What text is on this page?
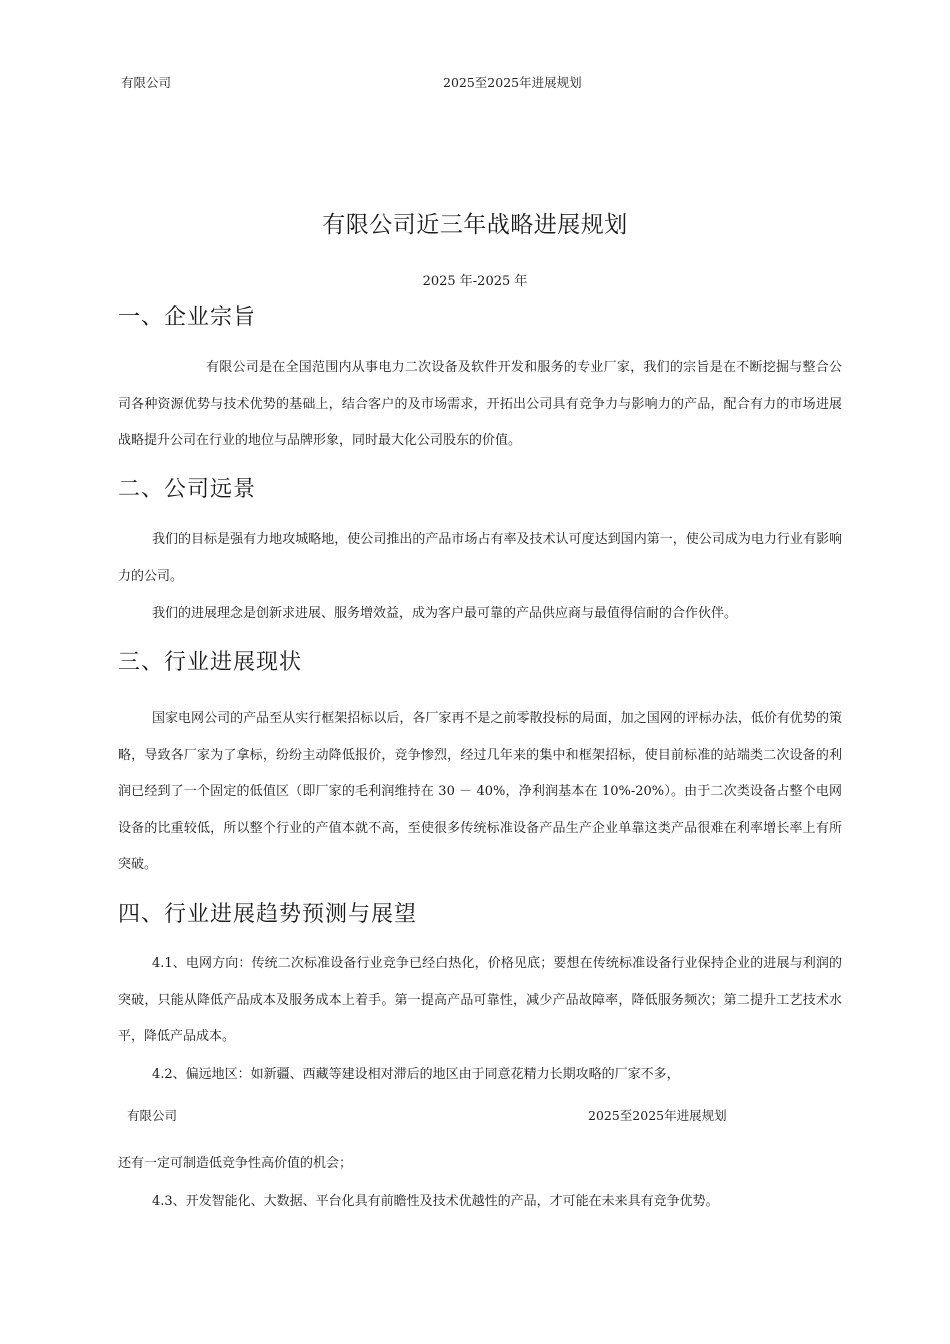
有限公司	2025至2025年进展规划
有限公司近三年战略进展规划
2025 年-2025 年
一、企业宗旨
有限公司是在全国范围内从事电力二次设备及软件开发和服务的专业厂家，我们的宗旨是在不断挖掘与整合公司各种资源优势与技术优势的基础上，结合客户的及市场需求，开拓出公司具有竞争力与影响力的产品，配合有力的市场进展战略提升公司在行业的地位与品牌形象，同时最大化公司股东的价值。
二、公司远景
我们的目标是强有力地攻城略地，使公司推出的产品市场占有率及技术认可度达到国内第一，使公司成为电力行业有影响力的公司。
我们的进展理念是创新求进展、服务增效益，成为客户最可靠的产品供应商与最值得信耐的合作伙伴。
三、行业进展现状
国家电网公司的产品至从实行框架招标以后，各厂家再不是之前零散投标的局面，加之国网的评标办法，低价有优势的策略，导致各厂家为了拿标，纷纷主动降低报价，竞争惨烈，经过几年来的集中和框架招标，使目前标准的站端类二次设备的利润已经到了一个固定的低值区（即厂家的毛利润维持在 30 － 40%，净利润基本在 10%-20%）。由于二次类设备占整个电网设备的比重较低，所以整个行业的产值本就不高，至使很多传统标准设备产品生产企业单靠这类产品很难在利率增长率上有所突破。
四、行业进展趋势预测与展望
4.1、电网方向：传统二次标准设备行业竞争已经白热化，价格见底；要想在传统标准设备行业保持企业的进展与利润的突破，只能从降低产品成本及服务成本上着手。第一提高产品可靠性，减少产品故障率，降低服务频次；第二提升工艺技术水平，降低产品成本。
4.2、偏远地区：如新疆、西藏等建设相对滞后的地区由于同意花精力长期攻略的厂家不多，
有限公司	2025至2025年进展规划
还有一定可制造低竞争性高价值的机会；
4.3、开发智能化、大数据、平台化具有前瞻性及技术优越性的产品，才可能在未来具有竞争优势。
